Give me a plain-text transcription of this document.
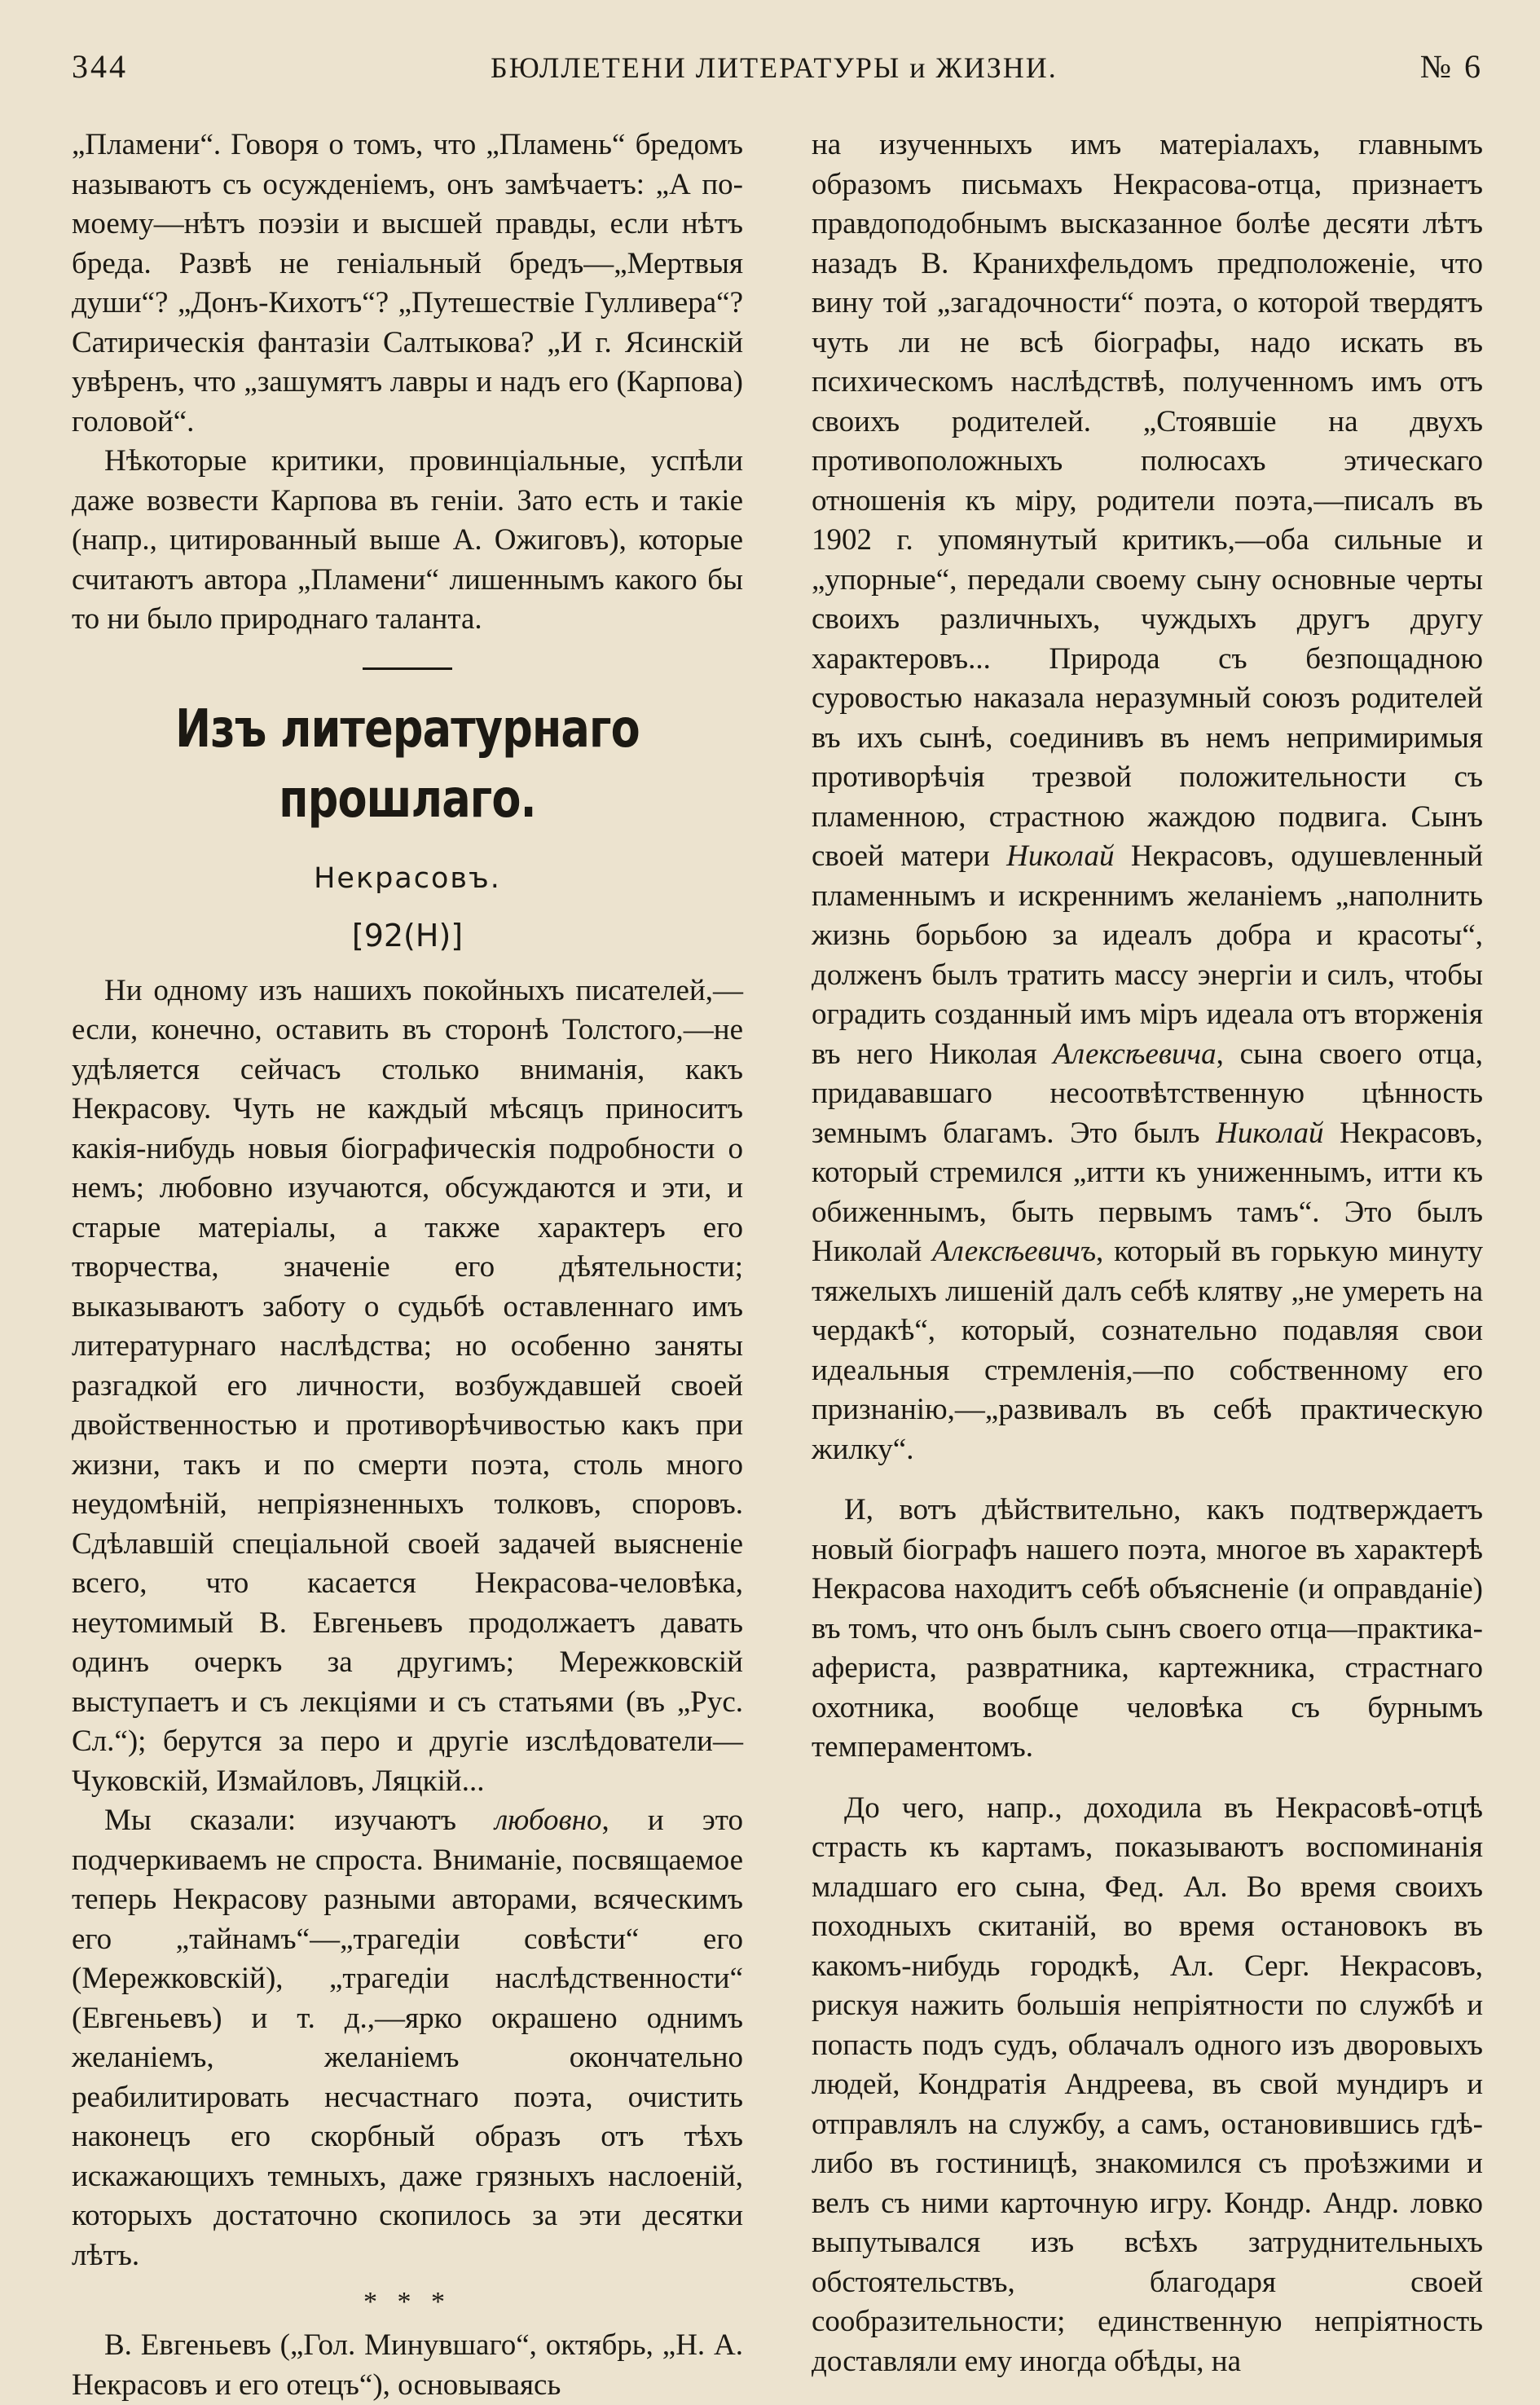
344	БЮЛЛЕТЕНИ ЛИТЕРАТУРЫ и ЖИЗНИ.	№ 6

„Пламени“. Говоря о томъ, что „Пламень“ бредомъ называютъ съ осужденіемъ, онъ замѣчаетъ: „А по-моему—нѣтъ поэзіи и высшей правды, если нѣтъ бреда. Развѣ не геніальный бредъ—„Мертвыя души“? „Донъ-Кихотъ“? „Путешествіе Гулливера“? Сатирическія фантазіи Салтыкова? „И г. Ясинскій увѣренъ, что „зашумятъ лавры и надъ его (Карпова) головой“.

Нѣкоторые критики, провинціальные, успѣли даже возвести Карпова въ геніи. Зато есть и такіе (напр., цитированный выше А. Ожиговъ), которые считаютъ автора „Пламени“ лишеннымъ какого бы то ни было природнаго таланта.

Изъ литературнаго прошлаго.
Некрасовъ.
[92(Н)]

Ни одному изъ нашихъ покойныхъ писателей,—если, конечно, оставить въ сторонѣ Толстого,—не удѣляется сейчасъ столько вниманія, какъ Некрасову. Чуть не каждый мѣсяцъ приноситъ какія-нибудь новыя біографическія подробности о немъ; любовно изучаются, обсуждаются и эти, и старые матеріалы, а также характеръ его творчества, значеніе его дѣятельности; выказываютъ заботу о судьбѣ оставленнаго имъ литературнаго наслѣдства; но особенно заняты разгадкой его личности, возбуждавшей своей двойственностью и противорѣчивостью какъ при жизни, такъ и по смерти поэта, столь много неудомѣній, непріязненныхъ толковъ, споровъ. Сдѣлавшій спеціальной своей задачей выясненіе всего, что касается Некрасова-человѣка, неутомимый В. Евгеньевъ продолжаетъ давать одинъ очеркъ за другимъ; Мережковскій выступаетъ и съ лекціями и съ статьями (въ „Рус. Сл.“); берутся за перо и другіе изслѣдователи—Чуковскій, Измайловъ, Ляцкій...

Мы сказали: изучаютъ любовно, и это подчеркиваемъ не спроста. Вниманіе, посвящаемое теперь Некрасову разными авторами, всяческимъ его „тайнамъ“—„трагедіи совѣсти“ его (Мережковскій), „трагедіи наслѣдственности“ (Евгеньевъ) и т. д.,—ярко окрашено однимъ желаніемъ, желаніемъ окончательно реабилитировать несчастнаго поэта, очистить наконецъ его скорбный образъ отъ тѣхъ искажающихъ темныхъ, даже грязныхъ наслоеній, которыхъ достаточно скопилось за эти десятки лѣтъ.

* * *

В. Евгеньевъ („Гол. Минувшаго“, октябрь, „Н. А. Некрасовъ и его отецъ“), основываясь

на изученныхъ имъ матеріалахъ, главнымъ образомъ письмахъ Некрасова-отца, признаетъ правдоподобнымъ высказанное болѣе десяти лѣтъ назадъ В. Кранихфельдомъ предположеніе, что вину той „загадочности“ поэта, о которой твердятъ чуть ли не всѣ біографы, надо искать въ психическомъ наслѣдствѣ, полученномъ имъ отъ своихъ родителей. „Стоявшіе на двухъ противоположныхъ полюсахъ этическаго отношенія къ міру, родители поэта,—писалъ въ 1902 г. упомянутый критикъ,—оба сильные и „упорные“, передали своему сыну основные черты своихъ различныхъ, чуждыхъ другъ другу характеровъ... Природа съ безпощадною суровостью наказала неразумный союзъ родителей въ ихъ сынѣ, соединивъ въ немъ непримиримыя противорѣчія трезвой положительности съ пламенною, страстною жаждою подвига. Сынъ своей матери Николай Некрасовъ, одушевленный пламеннымъ и искреннимъ желаніемъ „наполнить жизнь борьбою за идеалъ добра и красоты“, долженъ былъ тратить массу энергіи и силъ, чтобы оградить созданный имъ міръ идеала отъ вторженія въ него Николая Алексѣевича, сына своего отца, придававшаго несоотвѣтственную цѣнность земнымъ благамъ. Это былъ Николай Некрасовъ, который стремился „итти къ униженнымъ, итти къ обиженнымъ, быть первымъ тамъ“. Это былъ Николай Алексѣевичъ, который въ горькую минуту тяжелыхъ лишеній далъ себѣ клятву „не умереть на чердакѣ“, который, сознательно подавляя свои идеальныя стремленія,—по собственному его признанію,—„развивалъ въ себѣ практическую жилку“.

И, вотъ дѣйствительно, какъ подтверждаетъ новый біографъ нашего поэта, многое въ характерѣ Некрасова находитъ себѣ объясненіе (и оправданіе) въ томъ, что онъ былъ сынъ своего отца—практика-афериста, развратника, картежника, страстнаго охотника, вообще человѣка съ бурнымъ темпераментомъ.

До чего, напр., доходила въ Некрасовѣ-отцѣ страсть къ картамъ, показываютъ воспоминанія младшаго его сына, Фед. Ал. Во время своихъ походныхъ скитаній, во время остановокъ въ какомъ-нибудь городкѣ, Ал. Серг. Некрасовъ, рискуя нажить большія непріятности по службѣ и попасть подъ судъ, облачалъ одного изъ дворовыхъ людей, Кондратія Андреева, въ свой мундиръ и отправлялъ на службу, а самъ, остановившись гдѣ-либо въ гостиницѣ, знакомился съ проѣзжими и велъ съ ними карточную игру. Кондр. Андр. ловко выпутывался изъ всѣхъ затруднительныхъ обстоятельствъ, благодаря своей сообразительности; единственную непріятность доставляли ему иногда обѣды, на
